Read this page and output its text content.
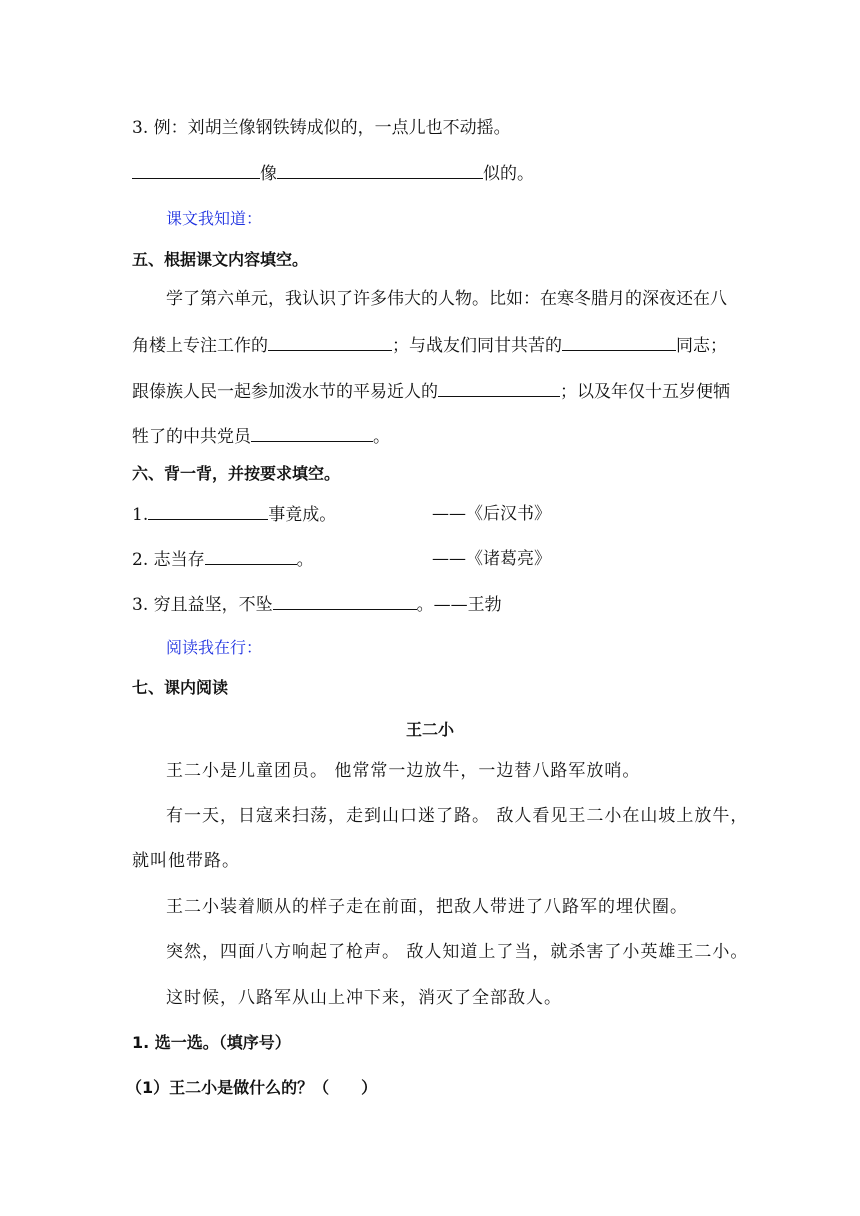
3. 例：刘胡兰像钢铁铸成似的，一点儿也不动摇。
像	似的。
课文我知道：
五、根据课文内容填空。
学了第六单元，我认识了许多伟大的人物。比如：在寒冬腊月的深夜还在八
角楼上专注工作的	；与战友们同甘共苦的	同志；
跟傣族人民一起参加泼水节的平易近人的	；以及年仅十五岁便牺
牲了的中共党员	。
六、背一背，并按要求填空。
1.	事竟成。	——《后汉书》
2. 志当存	。	——《诸葛亮》
3. 穷且益坚，不坠	。——王勃
阅读我在行：
七、课内阅读
王二小
王二小是儿童团员。 他常常一边放牛，一边替八路军放哨。
有一天，日寇来扫荡，走到山口迷了路。 敌人看见王二小在山坡上放牛，
就叫他带路。
王二小装着顺从的样子走在前面，把敌人带进了八路军的埋伏圈。
突然，四面八方响起了枪声。 敌人知道上了当，就杀害了小英雄王二小。
这时候，八路军从山上冲下来，消灭了全部敌人。
1. 选一选。（填序号）
（1）王二小是做什么的？（　　）
